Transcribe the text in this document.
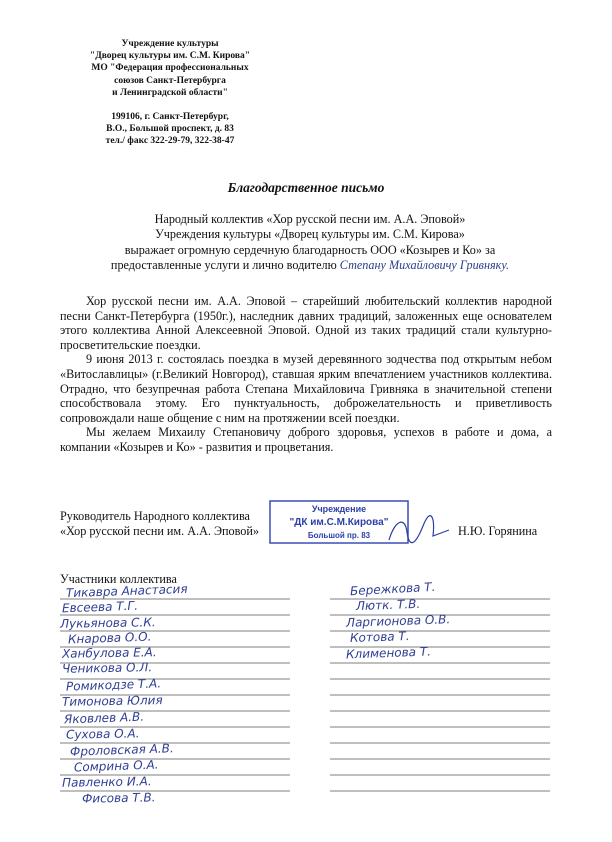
Учреждение культуры
"Дворец культуры им. С.М. Кирова"
МО "Федерация профессиональных
союзов Санкт-Петербурга
и Ленинградской области"
199106, г. Санкт-Петербург,
В.О., Большой проспект, д. 83
тел./ факс 322-29-79, 322-38-47
Благодарственное письмо
Народный коллектив «Хор русской песни им. А.А. Эповой»
Учреждения культуры «Дворец культуры им. С.М. Кирова»
выражает огромную сердечную благодарность ООО «Козырев и Ко» за
предоставленные услуги и лично водителю Степану Михайловичу Гривняку.

Хор русской песни им. А.А. Эповой – старейший любительский коллектив народной песни Санкт-Петербурга (1950г.), наследник давних традиций, заложенных еще основателем этого коллектива Анной Алексеевной Эповой. Одной из таких традиций стали культурно-просветительские поездки.

9 июня 2013 г. состоялась поездка в музей деревянного зодчества под открытым небом «Витославлицы» (г.Великий Новгород), ставшая ярким впечатлением участников коллектива. Отрадно, что безупречная работа Степана Михайловича Гривняка в значительной степени способствовала этому. Его пунктуальность, доброжелательность и приветливость сопровождали наше общение с ним на протяжении всей поездки.

Мы желаем Михаилу Степановичу доброго здоровья, успехов в работе и дома, а компании «Козырев и Ко» - развития и процветания.

Руководитель Народного коллектива
«Хор русской песни им. А.А. Эповой»	Н.Ю. Горянина
Учреждение
"ДК им.С.М.Кирова"
Большой пр. 83
Участники коллектива
Тикавра Анастасия
Евсеева Т.Г.
Лукьянова С.К.
Кнарова О.О.
Ханбулова Е.А.
Ченикова О.Л.
Ромикодзе Т.А.
Тимонова Юлия
Яковлев А.В.
Сухова О.А.
Фроловская А.В.
Сомрина О.А.
Павленко И.А.
Фисова Т.В.
Бережкова Т.
Лютк. Т.В.
Ларгионова О.В.
Котова Т.
Клименова Т.
